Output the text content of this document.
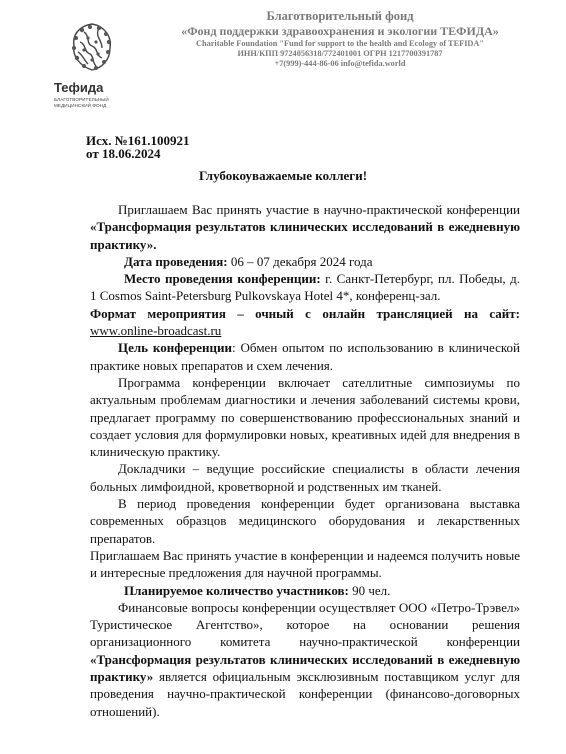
Тефида
БЛАГОТВОРИТЕЛЬНЫЙ МЕДИЦИНСКИЙ ФОНД
Благотворительный фонд
«Фонд поддержки здравоохранения и экологии ТЕФИДА»
Charitable Foundation "Fund for support to the health and Ecology of TEFIDA"
ИНН/КПП 9724056318/772401001 ОГРН 1217700391787
+7(999)-444-86-06 info@tefida.world
Исх. №161.100921
от 18.06.2024
Глубокоуважаемые коллеги!

Приглашаем Вас принять участие в научно-практической конференции «Трансформация результатов клинических исследований в ежедневную практику».

Дата проведения: 06 – 07 декабря 2024 года

Место проведения конференции: г. Санкт-Петербург, пл. Победы, д. 1 Cosmos Saint-Petersburg Pulkovskaya Hotel 4*, конференц-зал.

Формат мероприятия – очный с онлайн трансляцией на сайт: www.online-broadcast.ru

Цель конференции: Обмен опытом по использованию в клинической практике новых препаратов и схем лечения.

Программа конференции включает сателлитные симпозиумы по актуальным проблемам диагностики и лечения заболеваний системы крови, предлагает программу по совершенствованию профессиональных знаний и создает условия для формулировки новых, креативных идей для внедрения в клиническую практику.

Докладчики – ведущие российские специалисты в области лечения больных лимфоидной, кроветворной и родственных им тканей.

В период проведения конференции будет организована выставка современных образцов медицинского оборудования и лекарственных препаратов.

Приглашаем Вас принять участие в конференции и надеемся получить новые и интересные предложения для научной программы.

Планируемое количество участников: 90 чел.

Финансовые вопросы конференции осуществляет ООО «Петро-Трэвел» Туристическое Агентство», которое на основании решения организационного комитета научно-практической конференции «Трансформация результатов клинических исследований в ежедневную практику» является официальным эксклюзивным поставщиком услуг для проведения научно-практической конференции (финансово-договорных отношений).
